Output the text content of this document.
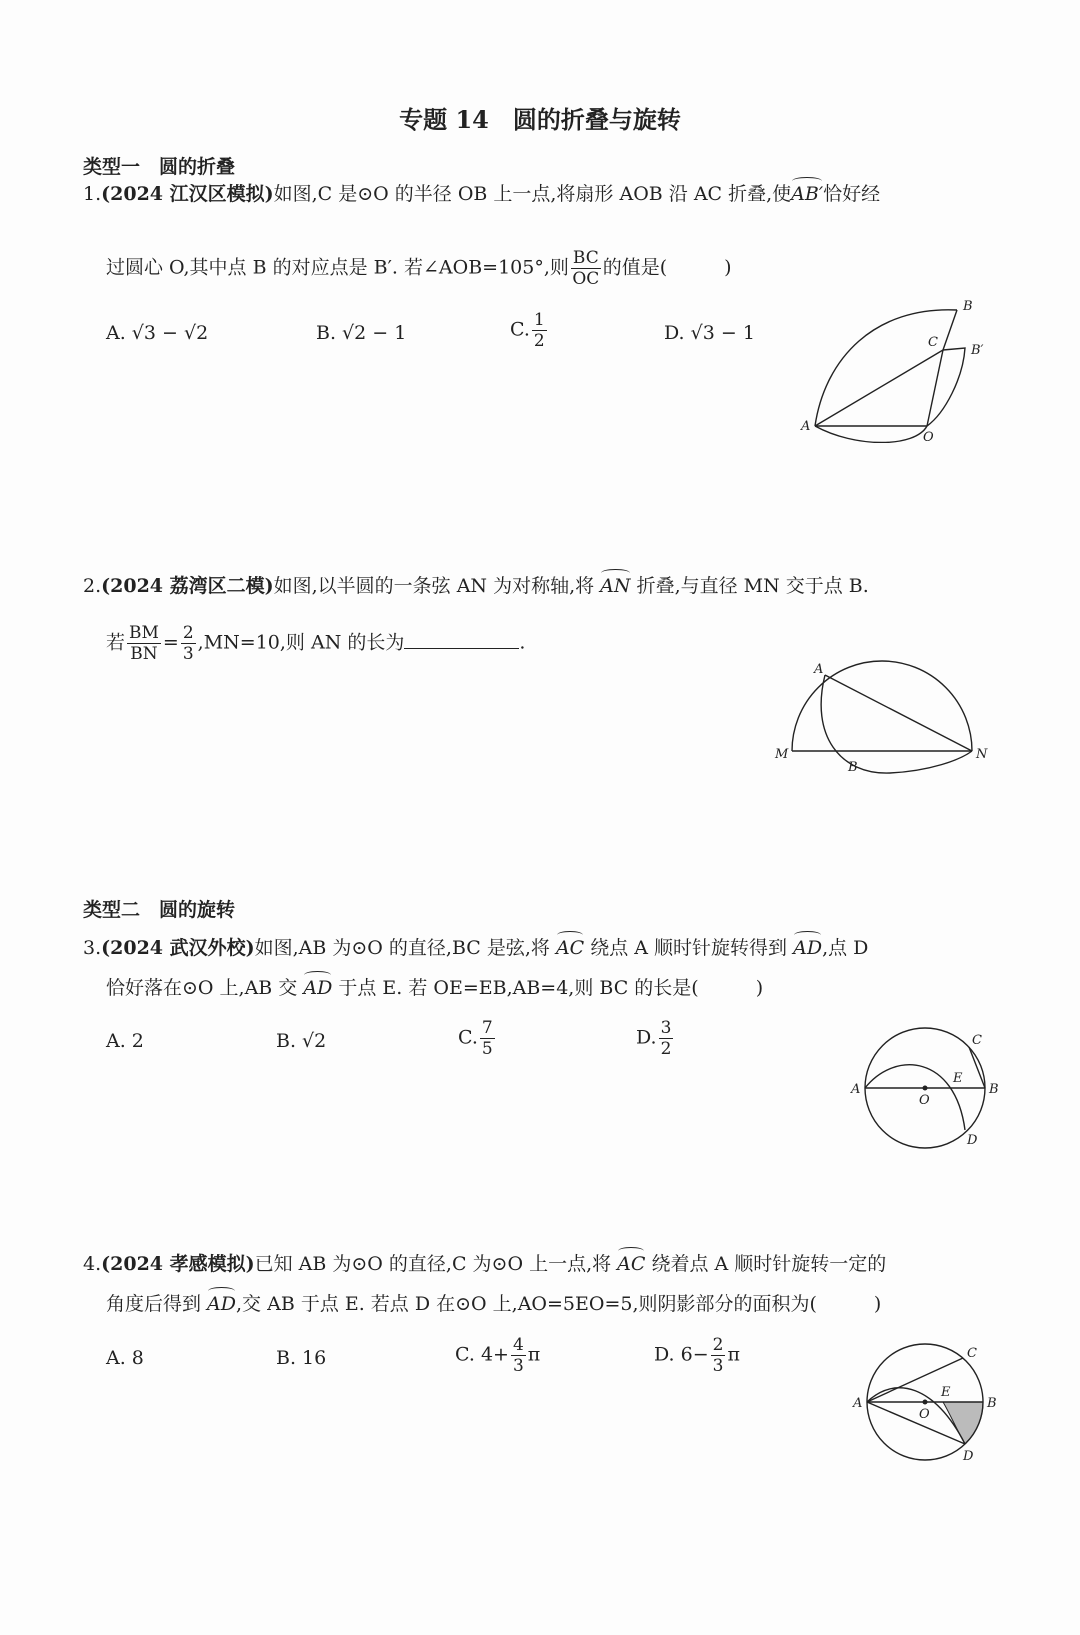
专题 14　圆的折叠与旋转
类型一　圆的折叠
1.(2024 江汉区模拟)如图,C 是⊙O 的半径 OB 上一点,将扇形 AOB 沿 AC 折叠,使AB′恰好经
过圆心 O,其中点 B 的对应点是 B′. 若∠AOB=105°,则 $\frac{BC}{OC}$ 的值是(　　　)
A. √3 − √2	B. √2 − 1	C. $\frac{1}{2}$	D. √3 − 1
A
B
C
O
B′
2.(2024 荔湾区二模)如图,以半圆的一条弦 AN 为对称轴,将 AN 折叠,与直径 MN 交于点 B.
若 $\frac{BM}{BN} = \frac{2}{3} ,MN=10$,则 AN 的长为	.
A
M	N
B
类型二　圆的旋转
3.(2024 武汉外校)如图,AB 为⊙O 的直径,BC 是弦,将 AC 绕点 A 顺时针旋转得到 AD,点 D
恰好落在⊙O 上,AB 交 AD 于点 E. 若 OE=EB,AB=4,则 BC 的长是(　　　)
A. 2	B. √2	C. $\frac{7}{5}$	D. $\frac{3}{2}$
A	B
C
D
E
O
4.(2024 孝感模拟)已知 AB 为⊙O 的直径,C 为⊙O 上一点,将 AC 绕着点 A 顺时针旋转一定的
角度后得到 AD,交 AB 于点 E. 若点 D 在⊙O 上,AO=5EO=5,则阴影部分的面积为(　　　)
A. 8	B. 16	C. $4+ \frac{4}{3}$ π	D. $6- \frac{2}{3}$ π
A	B
C
D
E
O
